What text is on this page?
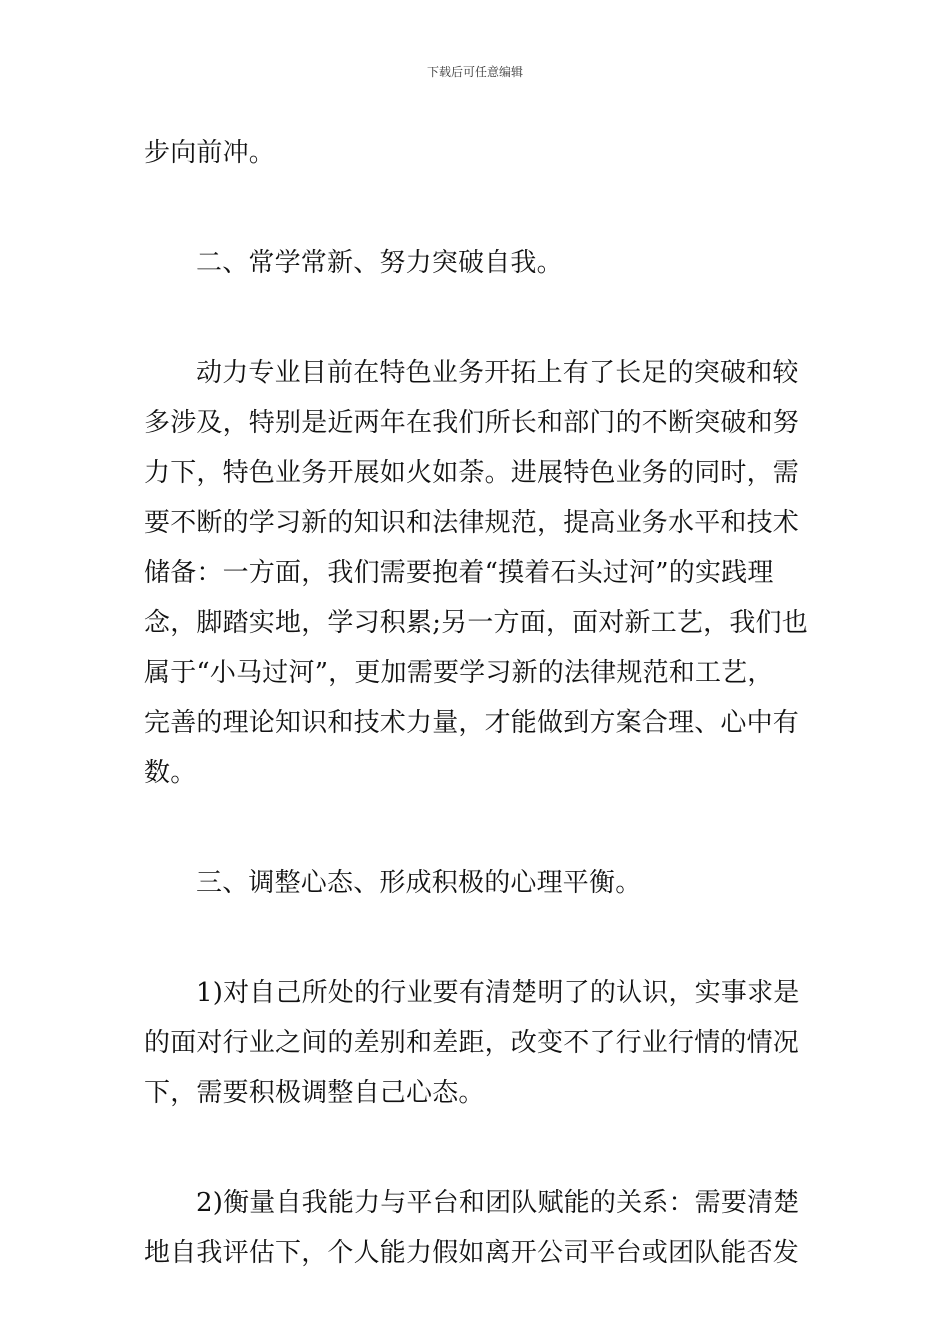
下载后可任意编辑

步向前冲。

二、常学常新、努力突破自我。

动力专业目前在特色业务开拓上有了长足的突破和较

多涉及，特别是近两年在我们所长和部门的不断突破和努

力下，特色业务开展如火如荼。进展特色业务的同时，需

要不断的学习新的知识和法律规范，提高业务水平和技术

储备：一方面，我们需要抱着“摸着石头过河”的实践理

念，脚踏实地，学习积累;另一方面，面对新工艺，我们也

属于“小马过河”，更加需要学习新的法律规范和工艺，

完善的理论知识和技术力量，才能做到方案合理、心中有

数。

三、调整心态、形成积极的心理平衡。

1)对自己所处的行业要有清楚明了的认识，实事求是

的面对行业之间的差别和差距，改变不了行业行情的情况

下，需要积极调整自己心态。

2)衡量自我能力与平台和团队赋能的关系：需要清楚

地自我评估下，个人能力假如离开公司平台或团队能否发
